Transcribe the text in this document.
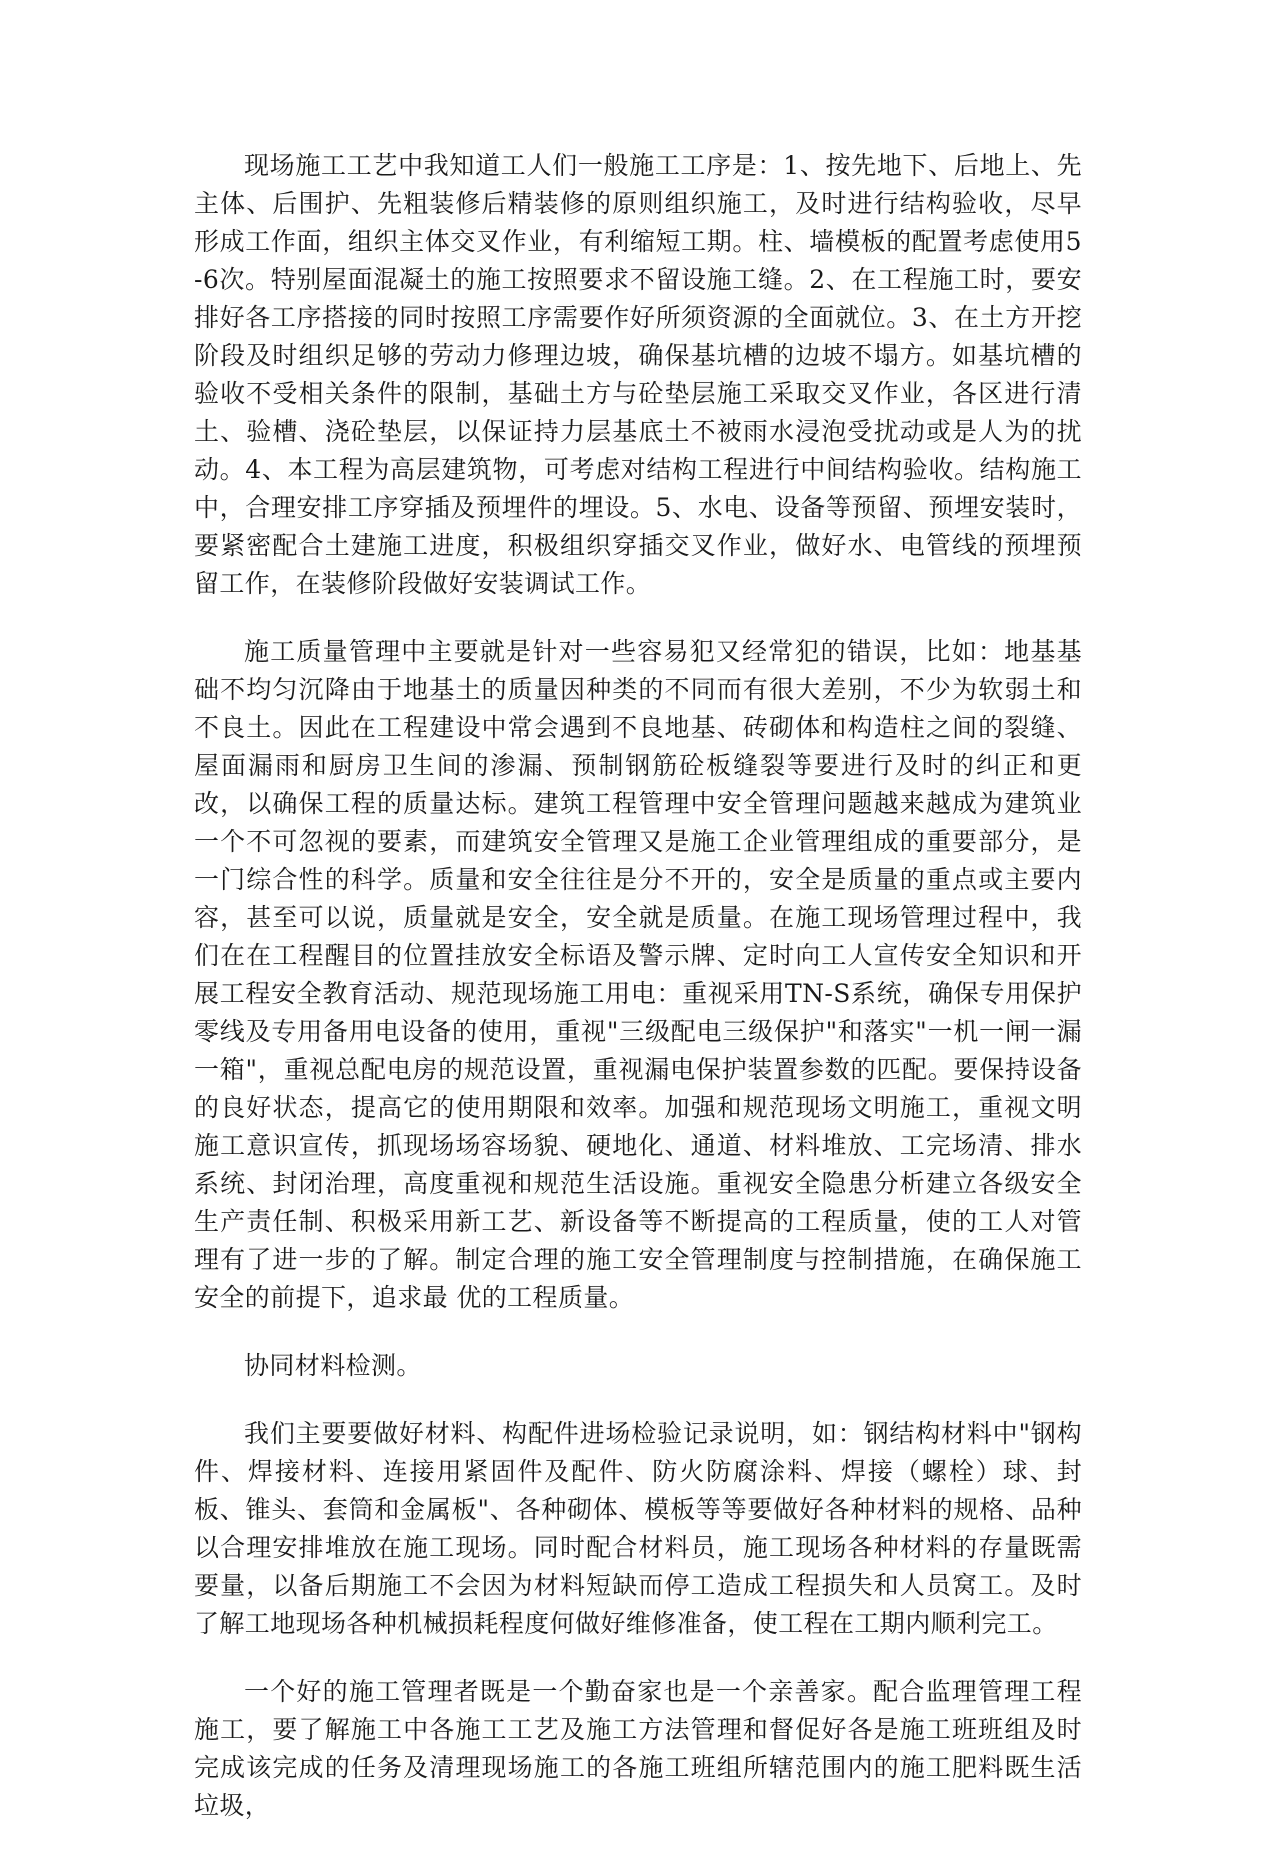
现场施工工艺中我知道工人们一般施工工序是：1、按先地下、后地上、先主体、后围护、先粗装修后精装修的原则组织施工，及时进行结构验收，尽早形成工作面，组织主体交叉作业，有利缩短工期。柱、墙模板的配置考虑使用5-6次。特别屋面混凝土的施工按照要求不留设施工缝。2、在工程施工时，要安排好各工序搭接的同时按照工序需要作好所须资源的全面就位。3、在土方开挖阶段及时组织足够的劳动力修理边坡，确保基坑槽的边坡不塌方。如基坑槽的验收不受相关条件的限制，基础土方与砼垫层施工采取交叉作业，各区进行清土、验槽、浇砼垫层，以保证持力层基底土不被雨水浸泡受扰动或是人为的扰动。4、本工程为高层建筑物，可考虑对结构工程进行中间结构验收。结构施工中，合理安排工序穿插及预埋件的埋设。5、水电、设备等预留、预埋安装时，要紧密配合土建施工进度，积极组织穿插交叉作业，做好水、电管线的预埋预留工作，在装修阶段做好安装调试工作。

施工质量管理中主要就是针对一些容易犯又经常犯的错误，比如：地基基础不均匀沉降由于地基土的质量因种类的不同而有很大差别，不少为软弱土和不良土。因此在工程建设中常会遇到不良地基、砖砌体和构造柱之间的裂缝、屋面漏雨和厨房卫生间的渗漏、预制钢筋砼板缝裂等要进行及时的纠正和更改，以确保工程的质量达标。建筑工程管理中安全管理问题越来越成为建筑业一个不可忽视的要素，而建筑安全管理又是施工企业管理组成的重要部分，是一门综合性的科学。质量和安全往往是分不开的，安全是质量的重点或主要内容，甚至可以说，质量就是安全，安全就是质量。在施工现场管理过程中，我们在在工程醒目的位置挂放安全标语及警示牌、定时向工人宣传安全知识和开展工程安全教育活动、规范现场施工用电：重视采用TN-S系统，确保专用保护零线及专用备用电设备的使用，重视"三级配电三级保护"和落实"一机一闸一漏一箱"，重视总配电房的规范设置，重视漏电保护装置参数的匹配。要保持设备的良好状态，提高它的使用期限和效率。加强和规范现场文明施工，重视文明施工意识宣传，抓现场场容场貌、硬地化、通道、材料堆放、工完场清、排水系统、封闭治理，高度重视和规范生活设施。重视安全隐患分析建立各级安全生产责任制、积极采用新工艺、新设备等不断提高的工程质量，使的工人对管理有了进一步的了解。制定合理的施工安全管理制度与控制措施，在确保施工安全的前提下，追求最 优的工程质量。

协同材料检测。

我们主要要做好材料、构配件进场检验记录说明，如：钢结构材料中"钢构件、焊接材料、连接用紧固件及配件、防火防腐涂料、焊接（螺栓）球、封板、锥头、套筒和金属板"、各种砌体、模板等等要做好各种材料的规格、品种以合理安排堆放在施工现场。同时配合材料员，施工现场各种材料的存量既需要量，以备后期施工不会因为材料短缺而停工造成工程损失和人员窝工。及时了解工地现场各种机械损耗程度何做好维修准备，使工程在工期内顺利完工。

一个好的施工管理者既是一个勤奋家也是一个亲善家。配合监理管理工程施工，要了解施工中各施工工艺及施工方法管理和督促好各是施工班班组及时完成该完成的任务及清理现场施工的各施工班组所辖范围内的施工肥料既生活垃圾，
